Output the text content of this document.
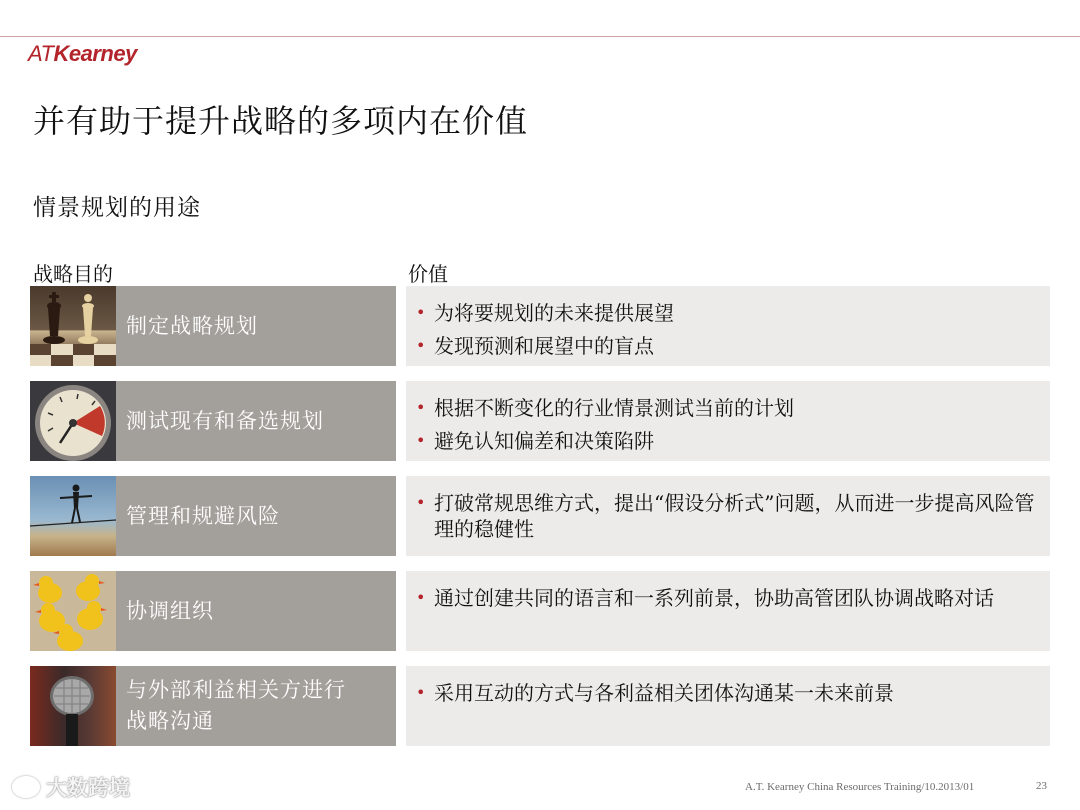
ATKearney
并有助于提升战略的多项内在价值
情景规划的用途
战略目的	价值
制定战略规划
• 为将要规划的未来提供展望
• 发现预测和展望中的盲点
测试现有和备选规划
• 根据不断变化的行业情景测试当前的计划
• 避免认知偏差和决策陷阱
管理和规避风险
• 打破常规思维方式，提出“假设分析式”问题，从而进一步提高风险管理的稳健性
协调组织
• 通过创建共同的语言和一系列前景，协助高管团队协调战略对话
与外部利益相关方进行
战略沟通
• 采用互动的方式与各利益相关团体沟通某一未来前景
A.T. Kearney China Resources Training/10.2013/01	23
大数跨境
